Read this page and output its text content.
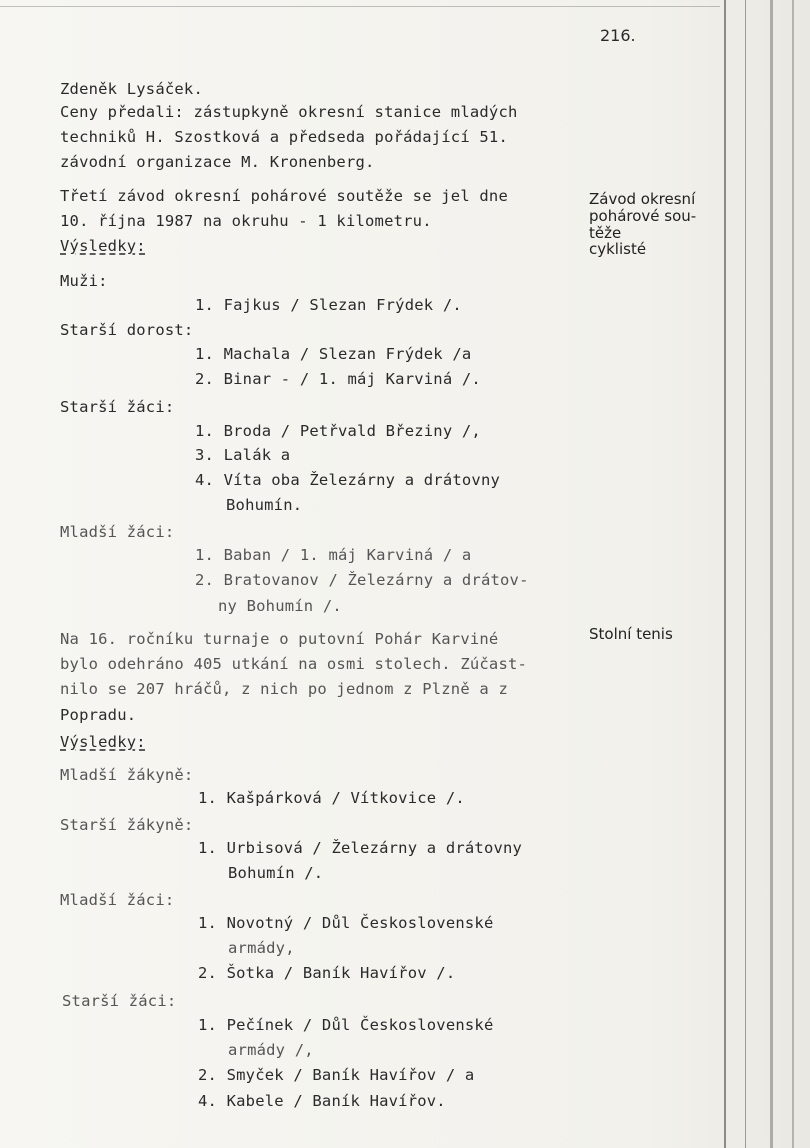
216.
Zdeněk Lysáček.
Ceny předali: zástupkyně okresní stanice mladých
techniků H. Szostková a předseda pořádající 51.
závodní organizace M. Kronenberg.
Třetí závod okresní pohárové soutěže se jel dne
10. října 1987 na okruhu - 1 kilometru.
Výsledky:
Muži:
1. Fajkus / Slezan Frýdek /.
Starší dorost:
1. Machala / Slezan Frýdek /a
2. Binar - / 1. máj Karviná /.
Starší žáci:
1. Broda / Petřvald Březiny /,
3. Lalák a
4. Víta oba Železárny a drátovny
Bohumín.
Mladší žáci:
1. Baban / 1. máj Karviná / a
2. Bratovanov / Železárny a drátov-
ny Bohumín /.
Na 16. ročníku turnaje o putovní Pohár Karviné
bylo odehráno 405 utkání na osmi stolech. Zúčast-
nilo se 207 hráčů, z nich po jednom z Plzně a z
Popradu.
Výsledky:
Mladší žákyně:
1. Kašpárková / Vítkovice /.
Starší žákyně:
1. Urbisová / Železárny a drátovny
Bohumín /.
Mladší žáci:
1. Novotný / Důl Československé
armády,
2. Šotka / Baník Havířov /.
Starší žáci:
1. Pečínek / Důl Československé
armády /,
2. Smyček / Baník Havířov / a
4. Kabele / Baník Havířov.
Závod okresní
pohárové sou-
těže
cyklisté
Stolní tenis
